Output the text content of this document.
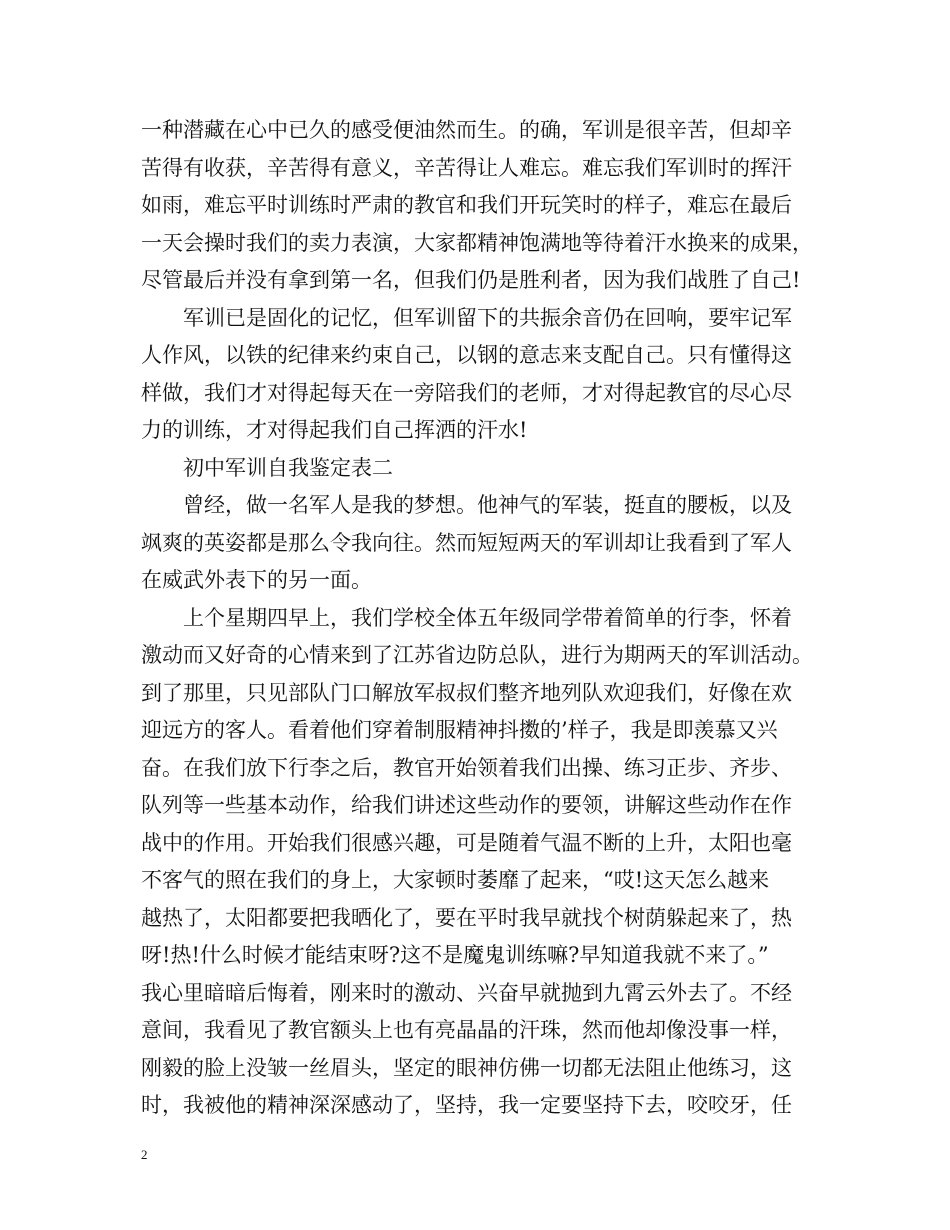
一种潜藏在心中已久的感受便油然而生。的确，军训是很辛苦，但却辛
苦得有收获，辛苦得有意义，辛苦得让人难忘。难忘我们军训时的挥汗
如雨，难忘平时训练时严肃的教官和我们开玩笑时的样子，难忘在最后
一天会操时我们的卖力表演，大家都精神饱满地等待着汗水换来的成果，
尽管最后并没有拿到第一名，但我们仍是胜利者，因为我们战胜了自己!
军训已是固化的记忆，但军训留下的共振余音仍在回响，要牢记军
人作风，以铁的纪律来约束自己，以钢的意志来支配自己。只有懂得这
样做，我们才对得起每天在一旁陪我们的老师，才对得起教官的尽心尽
力的训练，才对得起我们自己挥洒的汗水!
初中军训自我鉴定表二
曾经，做一名军人是我的梦想。他神气的军装，挺直的腰板，以及
飒爽的英姿都是那么令我向往。然而短短两天的军训却让我看到了军人
在威武外表下的另一面。
上个星期四早上，我们学校全体五年级同学带着简单的行李，怀着
激动而又好奇的心情来到了江苏省边防总队，进行为期两天的军训活动。
到了那里，只见部队门口解放军叔叔们整齐地列队欢迎我们，好像在欢
迎远方的客人。看着他们穿着制服精神抖擞的’样子，我是即羡慕又兴
奋。在我们放下行李之后，教官开始领着我们出操、练习正步、齐步、
队列等一些基本动作，给我们讲述这些动作的要领，讲解这些动作在作
战中的作用。开始我们很感兴趣，可是随着气温不断的上升，太阳也毫
不客气的照在我们的身上，大家顿时萎靡了起来，“哎!这天怎么越来
越热了，太阳都要把我晒化了，要在平时我早就找个树荫躲起来了，热
呀!热!什么时候才能结束呀?这不是魔鬼训练嘛?早知道我就不来了。”
我心里暗暗后悔着，刚来时的激动、兴奋早就抛到九霄云外去了。不经
意间，我看见了教官额头上也有亮晶晶的汗珠，然而他却像没事一样，
刚毅的脸上没皱一丝眉头，坚定的眼神仿佛一切都无法阻止他练习，这
时，我被他的精神深深感动了，坚持，我一定要坚持下去，咬咬牙，任
2
